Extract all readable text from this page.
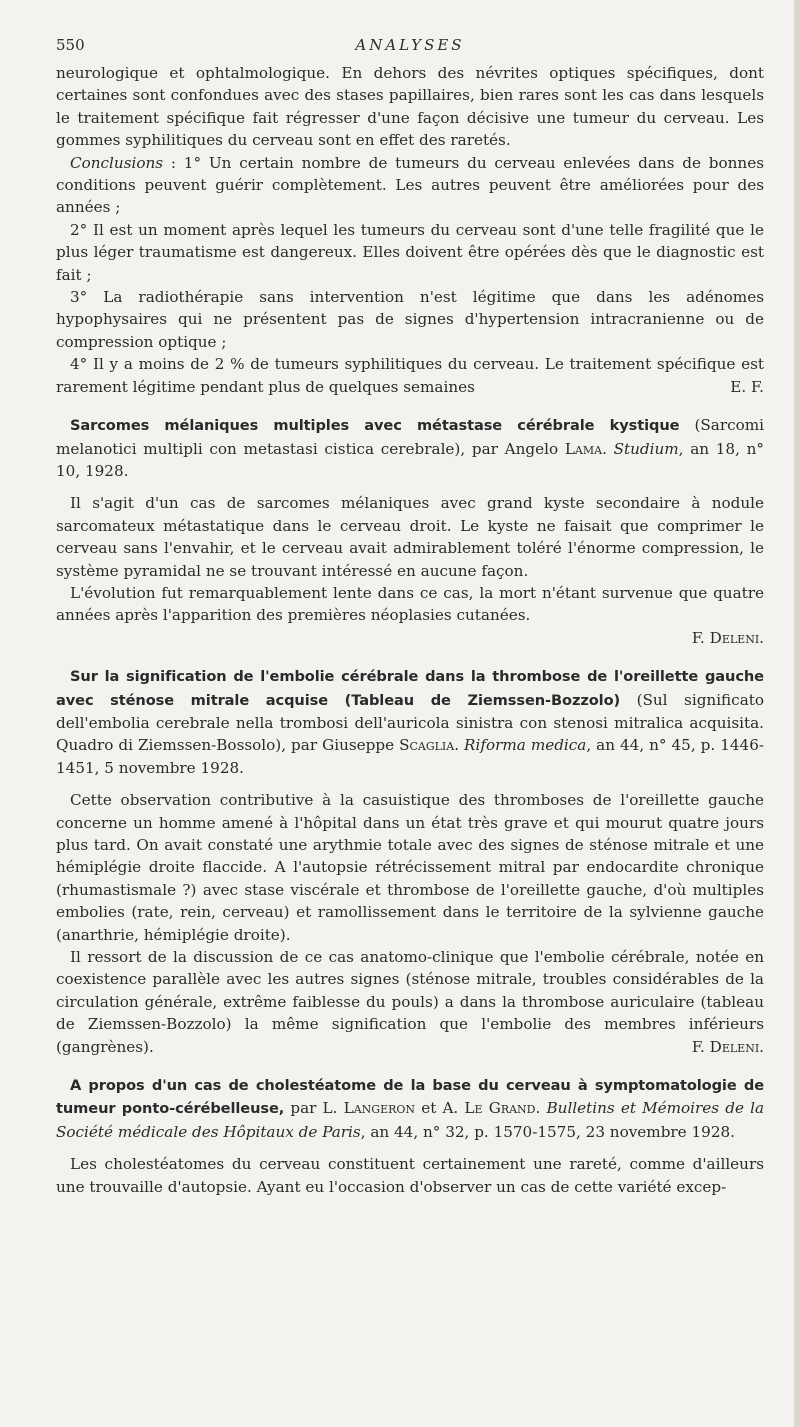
550	ANALYSES

neurologique et ophtalmologique. En dehors des névrites optiques spécifiques, dont certaines sont confondues avec des stases papillaires, bien rares sont les cas dans lesquels le traitement spécifique fait régresser d'une façon décisive une tumeur du cerveau. Les gommes syphilitiques du cerveau sont en effet des raretés.

Conclusions : 1° Un certain nombre de tumeurs du cerveau enlevées dans de bonnes conditions peuvent guérir complètement. Les autres peuvent être améliorées pour des années ;

2° Il est un moment après lequel les tumeurs du cerveau sont d'une telle fragilité que le plus léger traumatisme est dangereux. Elles doivent être opérées dès que le diagnostic est fait ;

3° La radiothérapie sans intervention n'est légitime que dans les adénomes hypophysaires qui ne présentent pas de signes d'hypertension intracranienne ou de compression optique ;

4° Il y a moins de 2 % de tumeurs syphilitiques du cerveau. Le traitement spécifique est rarement légitime pendant plus de quelques semaines	E. F.

Sarcomes mélaniques multiples avec métastase cérébrale kystique (Sarcomi melanotici multipli con metastasi cistica cerebrale), par Angelo Lama. Studium, an 18, n° 10, 1928.

Il s'agit d'un cas de sarcomes mélaniques avec grand kyste secondaire à nodule sarcomateux métastatique dans le cerveau droit. Le kyste ne faisait que comprimer le cerveau sans l'envahir, et le cerveau avait admirablement toléré l'énorme compression, le système pyramidal ne se trouvant intéressé en aucune façon.

L'évolution fut remarquablement lente dans ce cas, la mort n'étant survenue que quatre années après l'apparition des premières néoplasies cutanées.

F. Deleni.

Sur la signification de l'embolie cérébrale dans la thrombose de l'oreillette gauche avec sténose mitrale acquise (Tableau de Ziemssen-Bozzolo) (Sul significato dell'embolia cerebrale nella trombosi dell'auricola sinistra con stenosi mitralica acquisita. Quadro di Ziemssen-Bossolo), par Giuseppe Scaglia. Riforma medica, an 44, n° 45, p. 1446-1451, 5 novembre 1928.

Cette observation contributive à la casuistique des thromboses de l'oreillette gauche concerne un homme amené à l'hôpital dans un état très grave et qui mourut quatre jours plus tard. On avait constaté une arythmie totale avec des signes de sténose mitrale et une hémiplégie droite flaccide. A l'autopsie rétrécissement mitral par endocardite chronique (rhumastismale ?) avec stase viscérale et thrombose de l'oreillette gauche, d'où multiples embolies (rate, rein, cerveau) et ramollissement dans le territoire de la sylvienne gauche (anarthrie, hémiplégie droite).

Il ressort de la discussion de ce cas anatomo-clinique que l'embolie cérébrale, notée en coexistence parallèle avec les autres signes (sténose mitrale, troubles considérables de la circulation générale, extrême faiblesse du pouls) a dans la thrombose auriculaire (tableau de Ziemssen-Bozzolo) la même signification que l'embolie des membres inférieurs (gangrènes).	F. Deleni.

A propos d'un cas de cholestéatome de la base du cerveau à symptomatologie de tumeur ponto-cérébelleuse, par L. Langeron et A. Le Grand. Bulletins et Mémoires de la Société médicale des Hôpitaux de Paris, an 44, n° 32, p. 1570-1575, 23 novembre 1928.

Les cholestéatomes du cerveau constituent certainement une rareté, comme d'ailleurs une trouvaille d'autopsie. Ayant eu l'occasion d'observer un cas de cette variété excep-
